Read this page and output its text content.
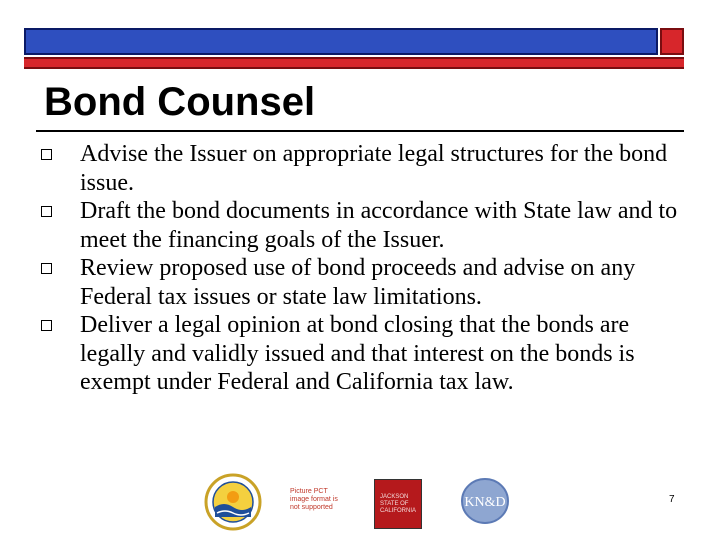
Bond Counsel
Advise the Issuer on appropriate legal structures for the bond issue.
Draft the bond documents in accordance with State law and to meet the financing goals of the Issuer.
Review proposed use of bond proceeds and advise on any Federal tax issues or state law limitations.
Deliver a legal opinion at bond closing that the bonds are legally and validly issued and that interest on the bonds is exempt under Federal and California tax law.
Picture PCT image format is not supported
JACKSON STATE OF CALIFORNIA
KN&D	7
